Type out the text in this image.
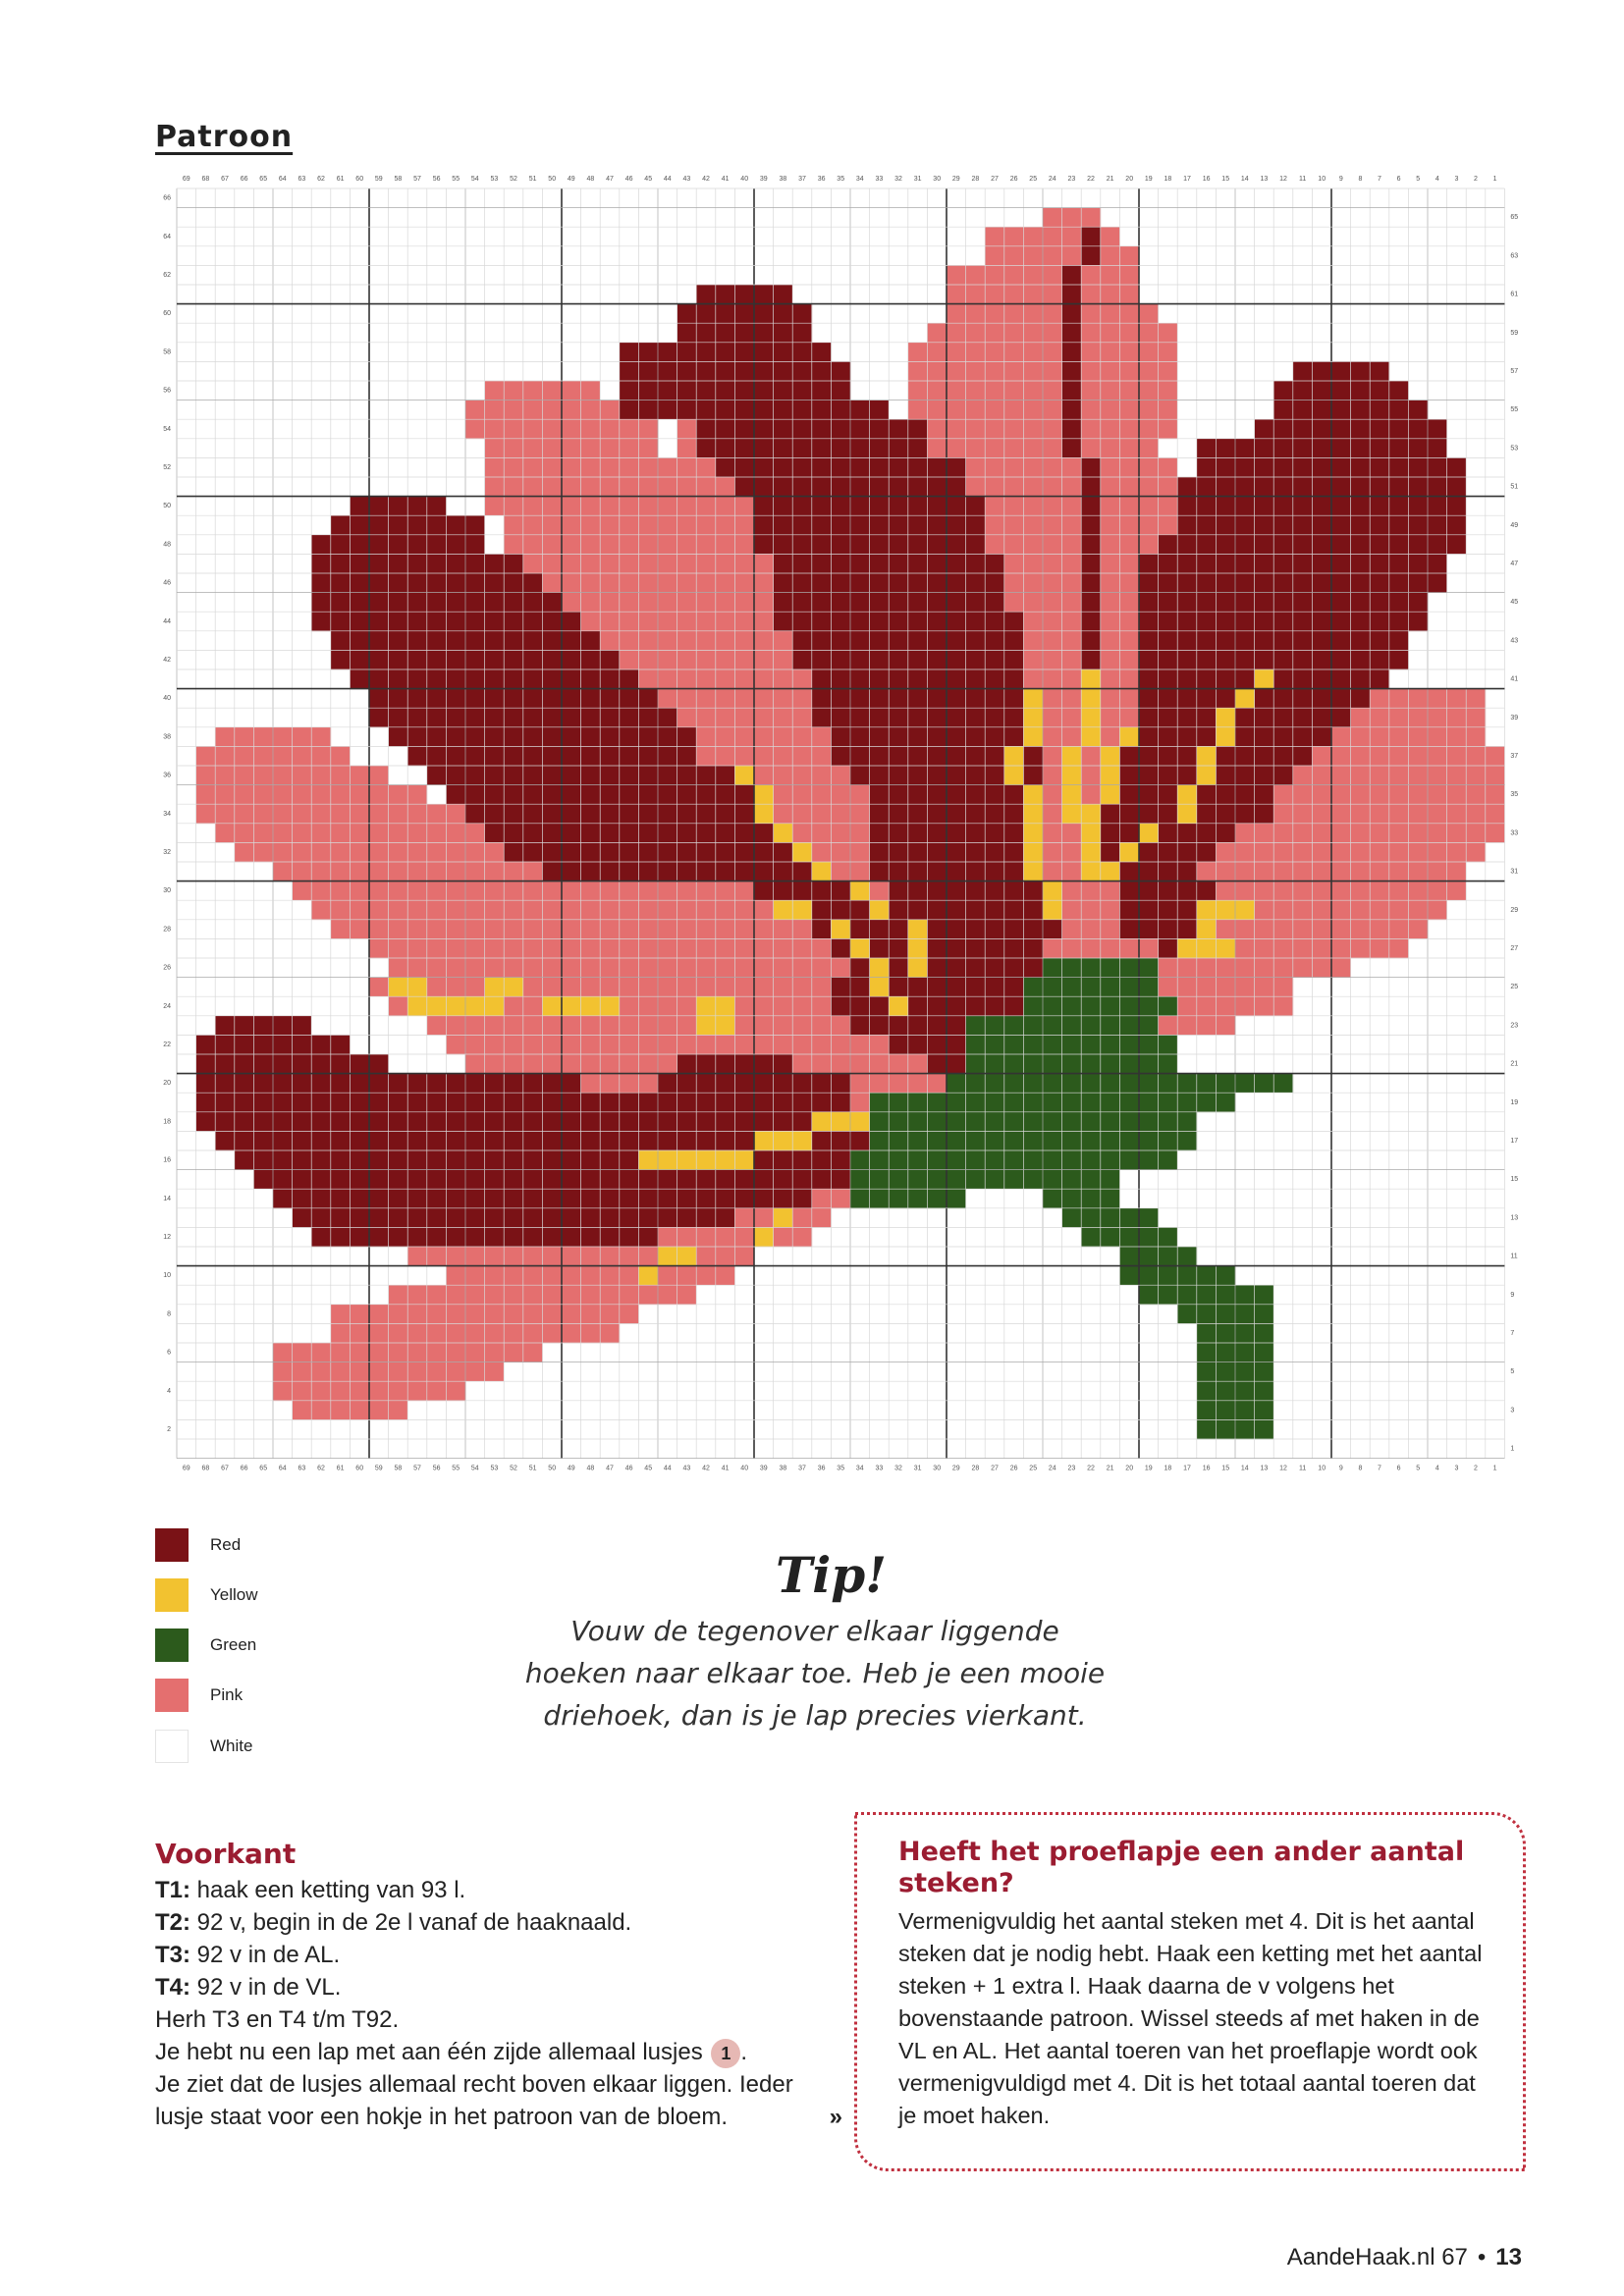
Patroon
69
69
68
68
67
67
66
66
65
65
64
64
63
63
62
62
61
61
60
60
59
59
58
58
57
57
56
56
55
55
54
54
53
53
52
52
51
51
50
50
49
49
48
48
47
47
46
46
45
45
44
44
43
43
42
42
41
41
40
40
39
39
38
38
37
37
36
36
35
35
34
34
33
33
32
32
31
31
30
30
29
29
28
28
27
27
26
26
25
25
24
24
23
23
22
22
21
21
20
20
19
19
18
18
17
17
16
16
15
15
14
14
13
13
12
12
11
11
10
10
9
9
8
8
7
7
6
6
5
5
4
4
3
3
2
2
1
1
66
64
62
60
58
56
54
52
50
48
46
44
42
40
38
36
34
32
30
28
26
24
22
20
18
16
14
12
10
8
6
4
2
65
63
61
59
57
55
53
51
49
47
45
43
41
39
37
35
33
31
29
27
25
23
21
19
17
15
13
11
9
7
5
3
1
Red
Yellow
Green
Pink
White
Tip!
Vouw de tegenover elkaar liggende
hoeken naar elkaar toe. Heb je een mooie
driehoek, dan is je lap precies vierkant.
Voorkant
T1: haak een ketting van 93 l.
T2: 92 v, begin in de 2e l vanaf de haaknaald.
T3: 92 v in de AL.
T4: 92 v in de VL.
Herh T3 en T4 t/m T92.
Je hebt nu een lap met aan één zijde allemaal lusjes 1 .
Je ziet dat de lusjes allemaal recht boven elkaar liggen. Ieder
lusje staat voor een hokje in het patroon van de bloem.	»
Heeft het proeflapje een ander aantal steken?

Vermenigvuldig het aantal steken met 4. Dit is het aantal steken dat je nodig hebt. Haak een ketting met het aantal steken + 1 extra l. Haak daarna de v volgens het bovenstaande patroon. Wissel steeds af met haken in de VL en AL. Het aantal toeren van het proeflapje wordt ook vermenigvuldigd met 4. Dit is het totaal aantal toeren dat je moet haken.

AandeHaak.nl 67 • 13
